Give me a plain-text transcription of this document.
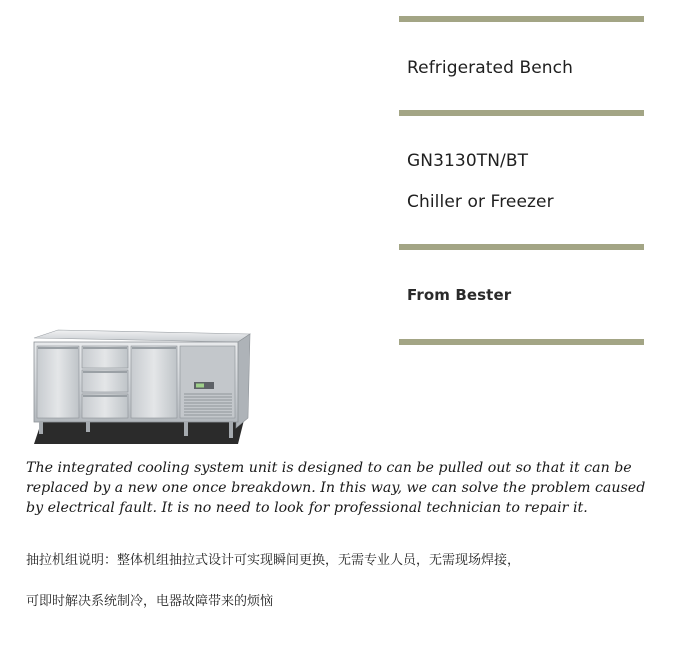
Refrigerated Bench
GN3130TN/BT
Chiller or Freezer
From Bester

The integrated cooling system unit is designed to can be pulled out so that it can be replaced by a new one once breakdown. In this way, we can solve the problem caused by electrical fault. It is no need to look for professional technician to repair it.

抽拉机组说明：整体机组抽拉式设计可实现瞬间更换，无需专业人员，无需现场焊接，

可即时解决系统制冷，电器故障带来的烦恼
